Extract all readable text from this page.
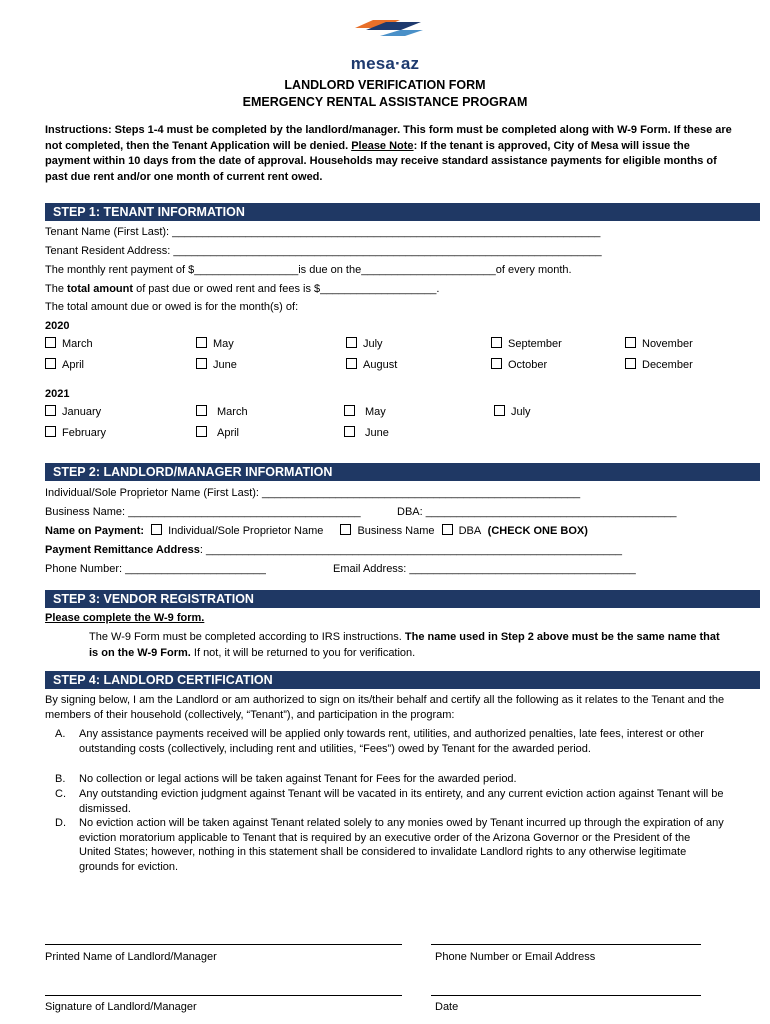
mesa·az
LANDLORD VERIFICATION FORM
EMERGENCY RENTAL ASSISTANCE PROGRAM
Instructions: Steps 1-4 must be completed by the landlord/manager. This form must be completed along with W-9 Form. If these are not completed, then the Tenant Application will be denied. Please Note: If the tenant is approved, City of Mesa will issue the payment within 10 days from the date of approval. Households may receive standard assistance payments for eligible months of past due rent and/or one month of current rent owed.
STEP 1: TENANT INFORMATION
Tenant Name (First Last): ______________________________________________________________________
Tenant Resident Address: ______________________________________________________________________
The monthly rent payment of $_________________is due on the______________________of every month.
The total amount of past due or owed rent and fees is $___________________.
The total amount due or owed is for the month(s) of:
2020
March	May	July	September	November
April	June	August	October	December
2021
January	March	May	July
February	April	June
STEP 2: LANDLORD/MANAGER INFORMATION
Individual/Sole Proprietor Name (First Last): ____________________________________________________
Business Name: ______________________________________	DBA: _________________________________________
Name on Payment: Individual/Sole Proprietor Name	Business Name DBA (CHECK ONE BOX)
Payment Remittance Address: ____________________________________________________________________
Phone Number: _______________________	Email Address: _____________________________________
STEP 3: VENDOR REGISTRATION
Please complete the W-9 form.
The W-9 Form must be completed according to IRS instructions. The name used in Step 2 above must be the same name that is on the W-9 Form. If not, it will be returned to you for verification.
STEP 4: LANDLORD CERTIFICATION
By signing below, I am the Landlord or am authorized to sign on its/their behalf and certify all the following as it relates to the Tenant and the members of their household (collectively, “Tenant”), and participation in the program:
A. Any assistance payments received will be applied only towards rent, utilities, and authorized penalties, late fees, interest or other outstanding costs (collectively, including rent and utilities, “Fees”) owed by Tenant for the awarded period.
B. No collection or legal actions will be taken against Tenant for Fees for the awarded period.
C. Any outstanding eviction judgment against Tenant will be vacated in its entirety, and any current eviction action against Tenant will be dismissed.
D. No eviction action will be taken against Tenant related solely to any monies owed by Tenant incurred up through the expiration of any eviction moratorium applicable to Tenant that is required by an executive order of the Arizona Governor or the President of the United States; however, nothing in this statement shall be considered to invalidate Landlord rights to any otherwise legitimate grounds for eviction.
Printed Name of Landlord/Manager	Phone Number or Email Address
Signature of Landlord/Manager	Date
